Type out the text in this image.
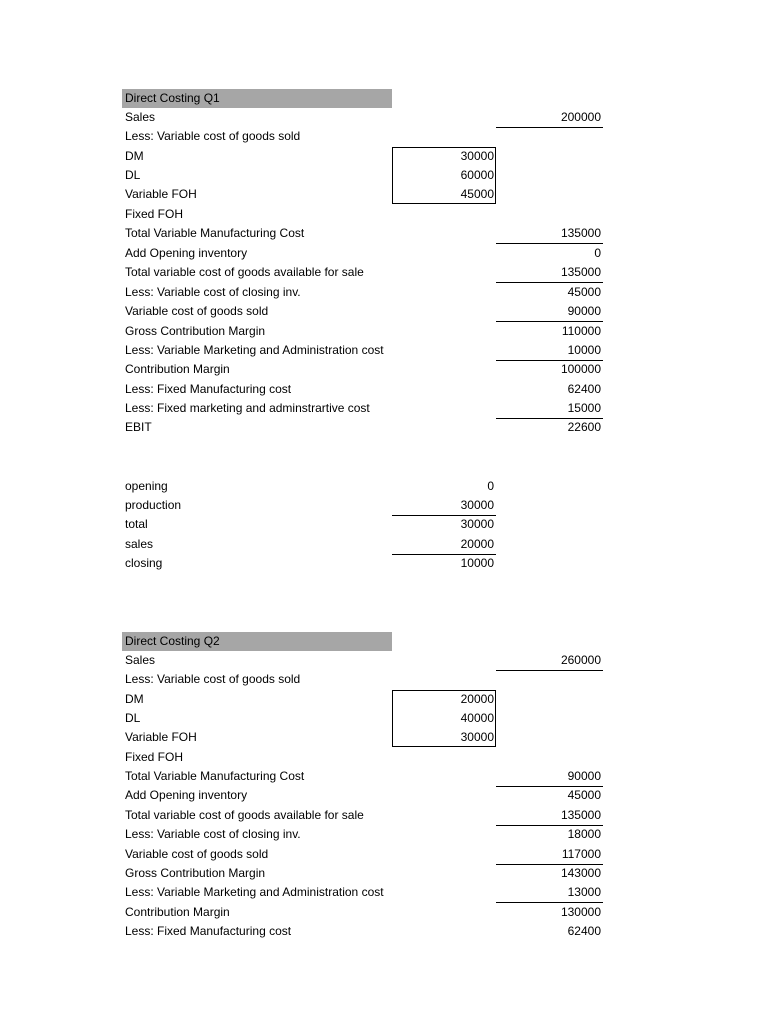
Direct Costing Q1
Sales	200000
Less: Variable cost of goods sold
DM	30000
DL	60000
Variable FOH	45000
Fixed FOH
Total Variable Manufacturing Cost	135000
Add Opening inventory	0
Total variable cost of goods available for sale	135000
Less: Variable cost of closing inv.	45000
Variable cost of goods sold	90000
Gross Contribution Margin	110000
Less: Variable Marketing and Administration cost	10000
Contribution Margin	100000
Less: Fixed Manufacturing cost	62400
Less: Fixed marketing and adminstrartive cost	15000
EBIT	22600
opening	0
production	30000
total	30000
sales	20000
closing	10000
Direct Costing Q2
Sales	260000
Less: Variable cost of goods sold
DM	20000
DL	40000
Variable FOH	30000
Fixed FOH
Total Variable Manufacturing Cost	90000
Add Opening inventory	45000
Total variable cost of goods available for sale	135000
Less: Variable cost of closing inv.	18000
Variable cost of goods sold	117000
Gross Contribution Margin	143000
Less: Variable Marketing and Administration cost	13000
Contribution Margin	130000
Less: Fixed Manufacturing cost	62400
